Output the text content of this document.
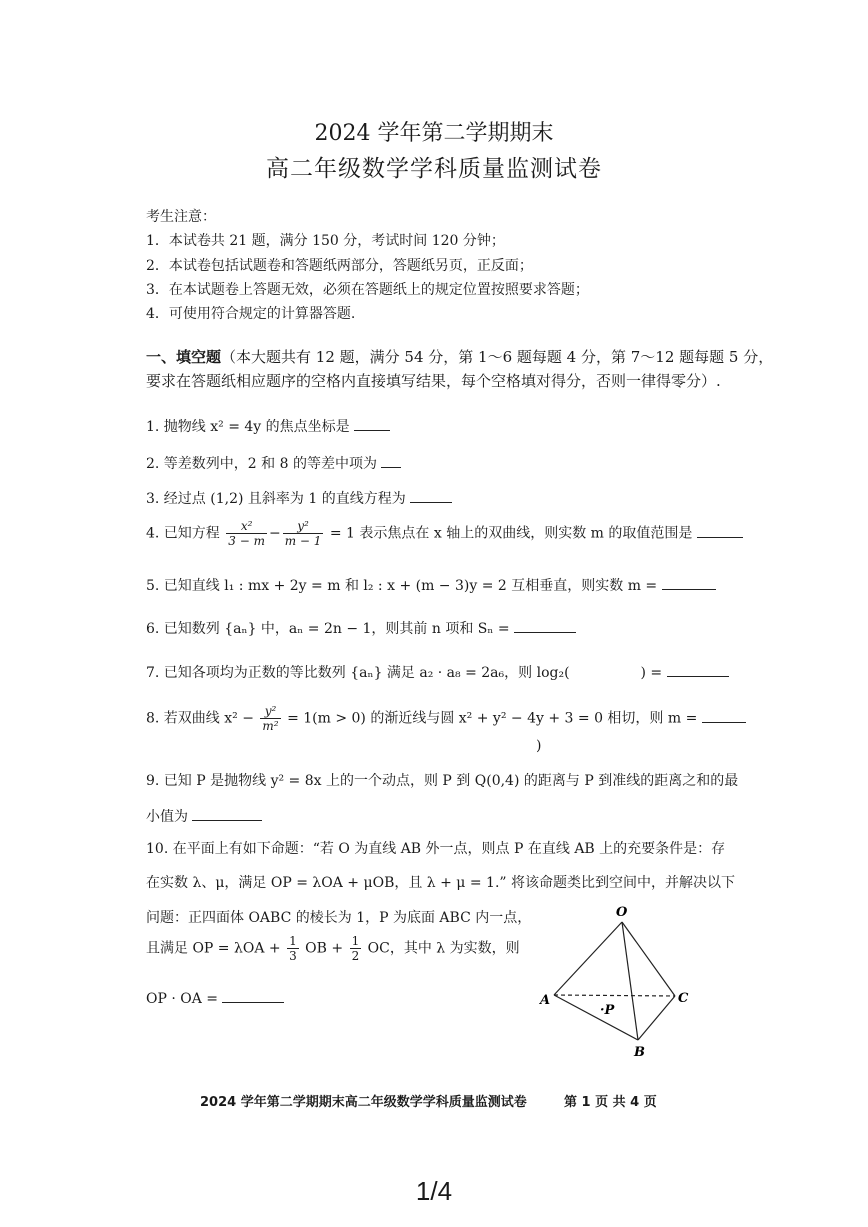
2024 学年第二学期期末
高二年级数学学科质量监测试卷
考生注意：
1．本试卷共 21 题，满分 150 分，考试时间 120 分钟；
2．本试卷包括试题卷和答题纸两部分，答题纸另页，正反面；
3．在本试题卷上答题无效，必须在答题纸上的规定位置按照要求答题；
4．可使用符合规定的计算器答题.
一、填空题（本大题共有 12 题，满分 54 分，第 1～6 题每题 4 分，第 7～12 题每题 5 分，
要求在答题纸相应题序的空格内直接填写结果，每个空格填对得分，否则一律得零分）.
1. 抛物线 x² = 4y 的焦点坐标是
2. 等差数列中，2 和 8 的等差中项为
3. 经过点 (1,2) 且斜率为 1 的直线方程为
4. 已知方程 $\frac{\text{x²}}{3 - m} - \frac{\text{y²}}{m - 1} = 1$ 表示焦点在 x 轴上的双曲线，则实数 m 的取值范围是
5. 已知直线 l₁ : mx + 2y = m 和 l₂ : x + (m − 3)y = 2 互相垂直，则实数 m =
6. 已知数列 {aₙ} 中，aₙ = 2n − 1，则其前 n 项和 Sₙ =
7. 已知各项均为正数的等比数列 {aₙ} 满足 a₂ · a₈ = 2a₆，则 log₂(	) =
8. 若双曲线 $x^2 - \frac{\text{y²}}{\text{m²}} = 1(m > 0)$ 的渐近线与圆 x² + y² − 4y + 3 = 0 相切，则 m =
)
9. 已知 P 是抛物线 y² = 8x 上的一个动点，则 P 到 Q(0,4) 的距离与 P 到准线的距离之和的最
小值为
10. 在平面上有如下命题：“若 O 为直线 AB 外一点，则点 P 在直线 AB 上的充要条件是：存
在实数 λ、μ，满足 OP = λOA + μOB，且 λ + μ = 1.” 将该命题类比到空间中，并解决以下
问题：正四面体 OABC 的棱长为 1，P 为底面 ABC 内一点，
且满足 OP = $\lambda OA + \frac{1}{3}$ OB + $\frac{1}{2}$ OC，其中 λ 为实数，则
OP · OA =
O
A
B
C
·P
2024 学年第二学期期末高二年级数学学科质量监测试卷	第 1 页 共 4 页
1/4
